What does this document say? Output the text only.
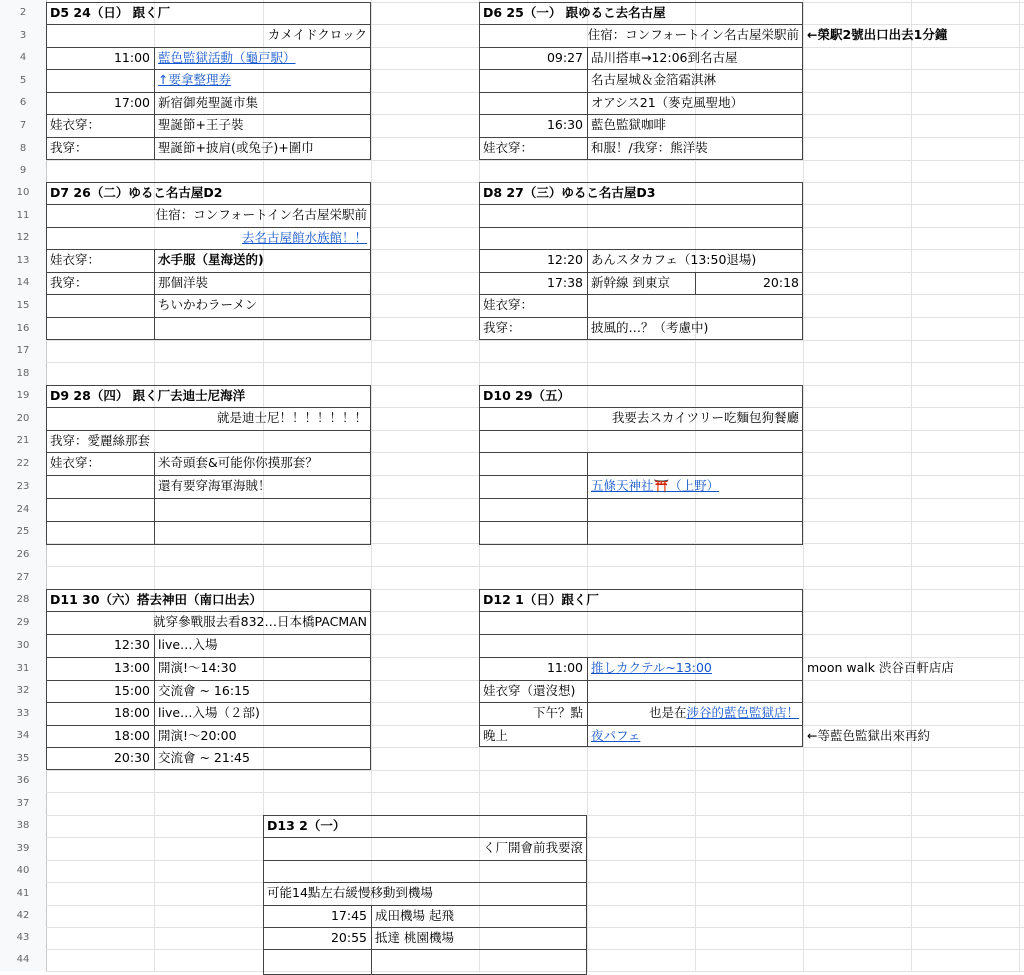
2
3
4
5
6
7
8
9
10
11
12
13
14
15
16
17
18
19
20
21
22
23
24
25
26
27
28
29
30
31
32
33
34
35
36
37
38
39
40
41
42
43
44
D5 24（日） 跟く厂
カメイドクロック
11:00 藍色監獄活動（龜戸駅）
↑要拿整理券
17:00 新宿御苑聖誕市集
娃衣穿：	聖誕節+王子裝
我穿：	聖誕節+披肩(或兔子)+圍巾
D6 25（一） 跟ゆるこ去名古屋
住宿：コンフォートイン名古屋栄駅前 ←榮駅2號出口出去1分鐘
09:27 品川搭車→12:06到名古屋
名古屋城＆金箔霜淇淋
オアシス21（麥克風聖地）
16:30 藍色監獄咖啡
娃衣穿：	和服！/我穿：熊洋裝
D7 26（二）ゆるこ名古屋D2
住宿：コンフォートイン名古屋栄駅前
去名古屋館水族館！！
娃衣穿：	水手服（星海送的)
我穿：	那個洋裝
ちいかわラーメン
D8 27（三）ゆるこ名古屋D3
12:20 あんスタカフェ（13:50退場)
17:38 新幹線 到東京	20:18
娃衣穿：
我穿：	披風的…？（考慮中)
D9 28（四） 跟く厂去迪士尼海洋
就是迪士尼！！！！！！！
我穿：愛麗絲那套
娃衣穿：	米奇頭套&可能你你摸那套？
還有要穿海軍海賊！
D10 29（五）
我要去スカイツリー吃麵包狗餐廳
五條天神社⛩️（上野）
D11 30（六）搭去神田（南口出去）
就穿參戰服去看832…日本橋PACMAN
12:30 live…入場
13:00 開演!～14:30
15:00 交流會 ~ 16:15
18:00 live…入場（２部)
18:00 開演!～20:00
20:30 交流會 ~ 21:45
D12 1（日）跟く厂
11:00 推しカクテル~13:00	moon walk 渋谷百軒店店
娃衣穿（還沒想)
下午？點	也是在涉谷的藍色監獄店！
晚上	夜パフェ	←等藍色監獄出來再約
D13 2（一）
く厂開會前我要滾
可能14點左右緩慢移動到機場
17:45 成田機場 起飛
20:55 抵達 桃園機場
